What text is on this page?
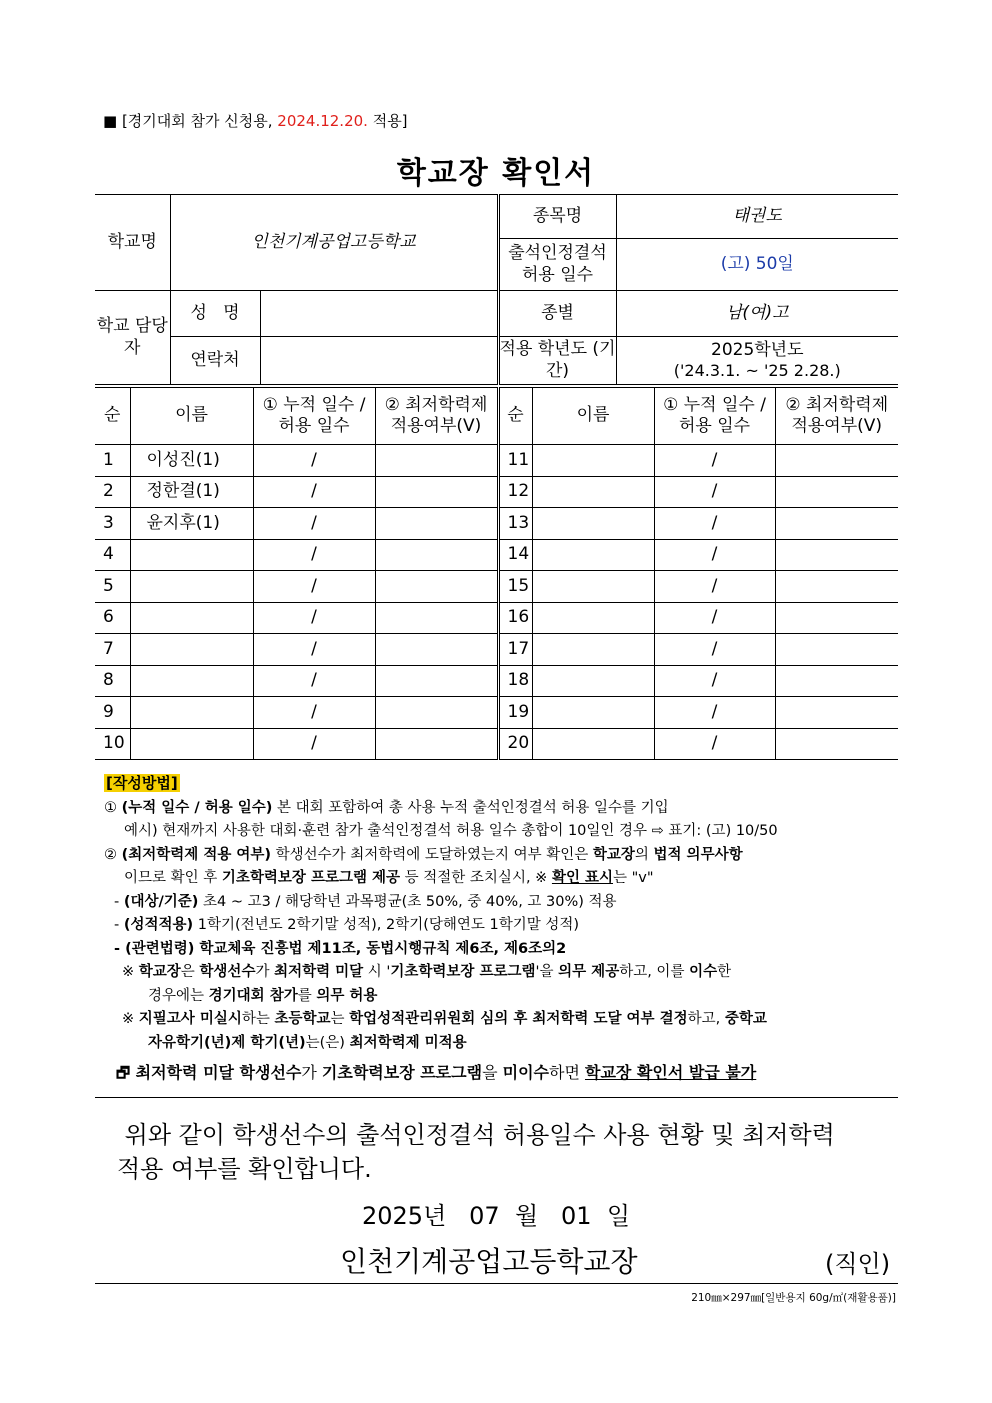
■ [경기대회 참가 신청용, 2024.12.20. 적용]
학교장 확인서
학교명	인천기계공업고등학교		종목명	태권도
			출석인정결석 허용 일수	(고) 50일
학교 담당자	성   명		종별	남(여)고
	연락처		적용 학년도 (기간)	2025학년도
('24.3.1. ~ '25 2.28.)
순	이름	① 누적 일수 / 허용 일수	② 최저학력제 적용여부(V)	순	이름	① 누적 일수 / 허용 일수	② 최저학력제 적용여부(V)
1	이성진(1)	/		11		/	
2	정한결(1)	/		12		/	
3	윤지후(1)	/		13		/	
4		/		14		/	
5		/		15		/	
6		/		16		/	
7		/		17		/	
8		/		18		/	
9		/		19		/	
10		/		20		/	
[작성방법]
① (누적 일수 / 허용 일수) 본 대회 포함하여 총 사용 누적 출석인정결석 허용 일수를 기입
예시) 현재까지 사용한 대회·훈련 참가 출석인정결석 허용 일수 총합이 10일인 경우 ⇨ 표기: (고) 10/50
② (최저학력제 적용 여부) 학생선수가 최저학력에 도달하였는지 여부 확인은 학교장의 법적 의무사항
이므로 확인 후 기초학력보장 프로그램 제공 등 적절한 조치실시, ※ 확인 표시는 "v"
- (대상/기준) 초4 ~ 고3 / 해당학년 과목평균(초 50%, 중 40%, 고 30%) 적용
- (성적적용) 1학기(전년도 2학기말 성적), 2학기(당해연도 1학기말 성적)
- (관련법령) 학교체육 진흥법 제11조, 동법시행규칙 제6조, 제6조의2
※ 학교장은 학생선수가 최저학력 미달 시 '기초학력보장 프로그램'을 의무 제공하고, 이를 이수한
경우에는 경기대회 참가를 의무 허용
※ 지필고사 미실시하는 초등학교는 학업성적관리위원회 심의 후 최저학력 도달 여부 결정하고, 중학교
자유학기(년)제 학기(년)는(은) 최저학력제 미적용
🗗 최저학력 미달 학생선수가 기초학력보장 프로그램을 미이수하면 학교장 확인서 발급 불가
위와 같이 학생선수의 출석인정결석 허용일수 사용 현황 및 최저학력
적용 여부를 확인합니다.
2025년   07  월   01  일
인천기계공업고등학교장	(직인)
210㎜×297㎜[일반용지 60g/㎡(재활용품)]
